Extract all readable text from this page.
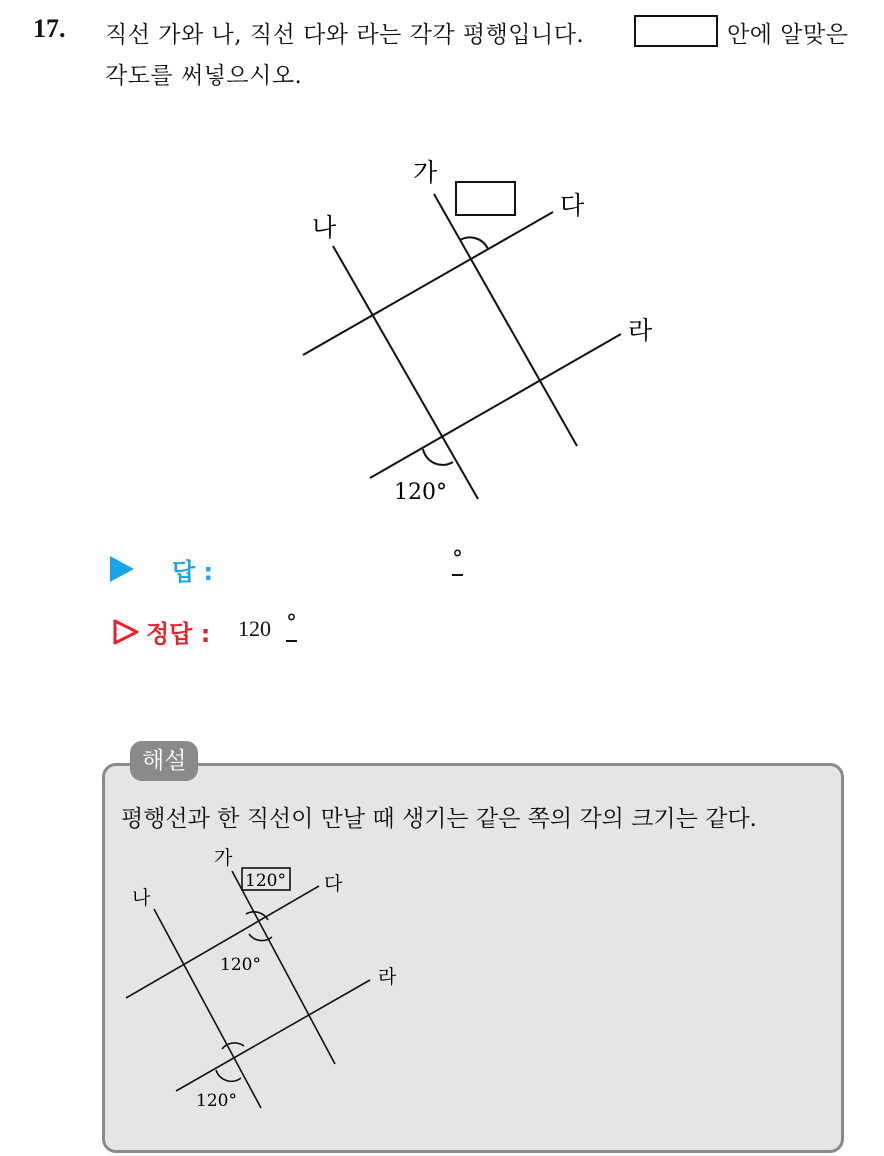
17. 직선 가와 나, 직선 다와 라는 각각 평행입니다.	안에 알맞은
각도를 써넣으시오.
가
나
다
라
120°
답 :	°
정답 : 120 °
해설
평행선과 한 직선이 만날 때 생기는 같은 쪽의 각의 크기는 같다.
가
나
다
라
120°
120°
120°
